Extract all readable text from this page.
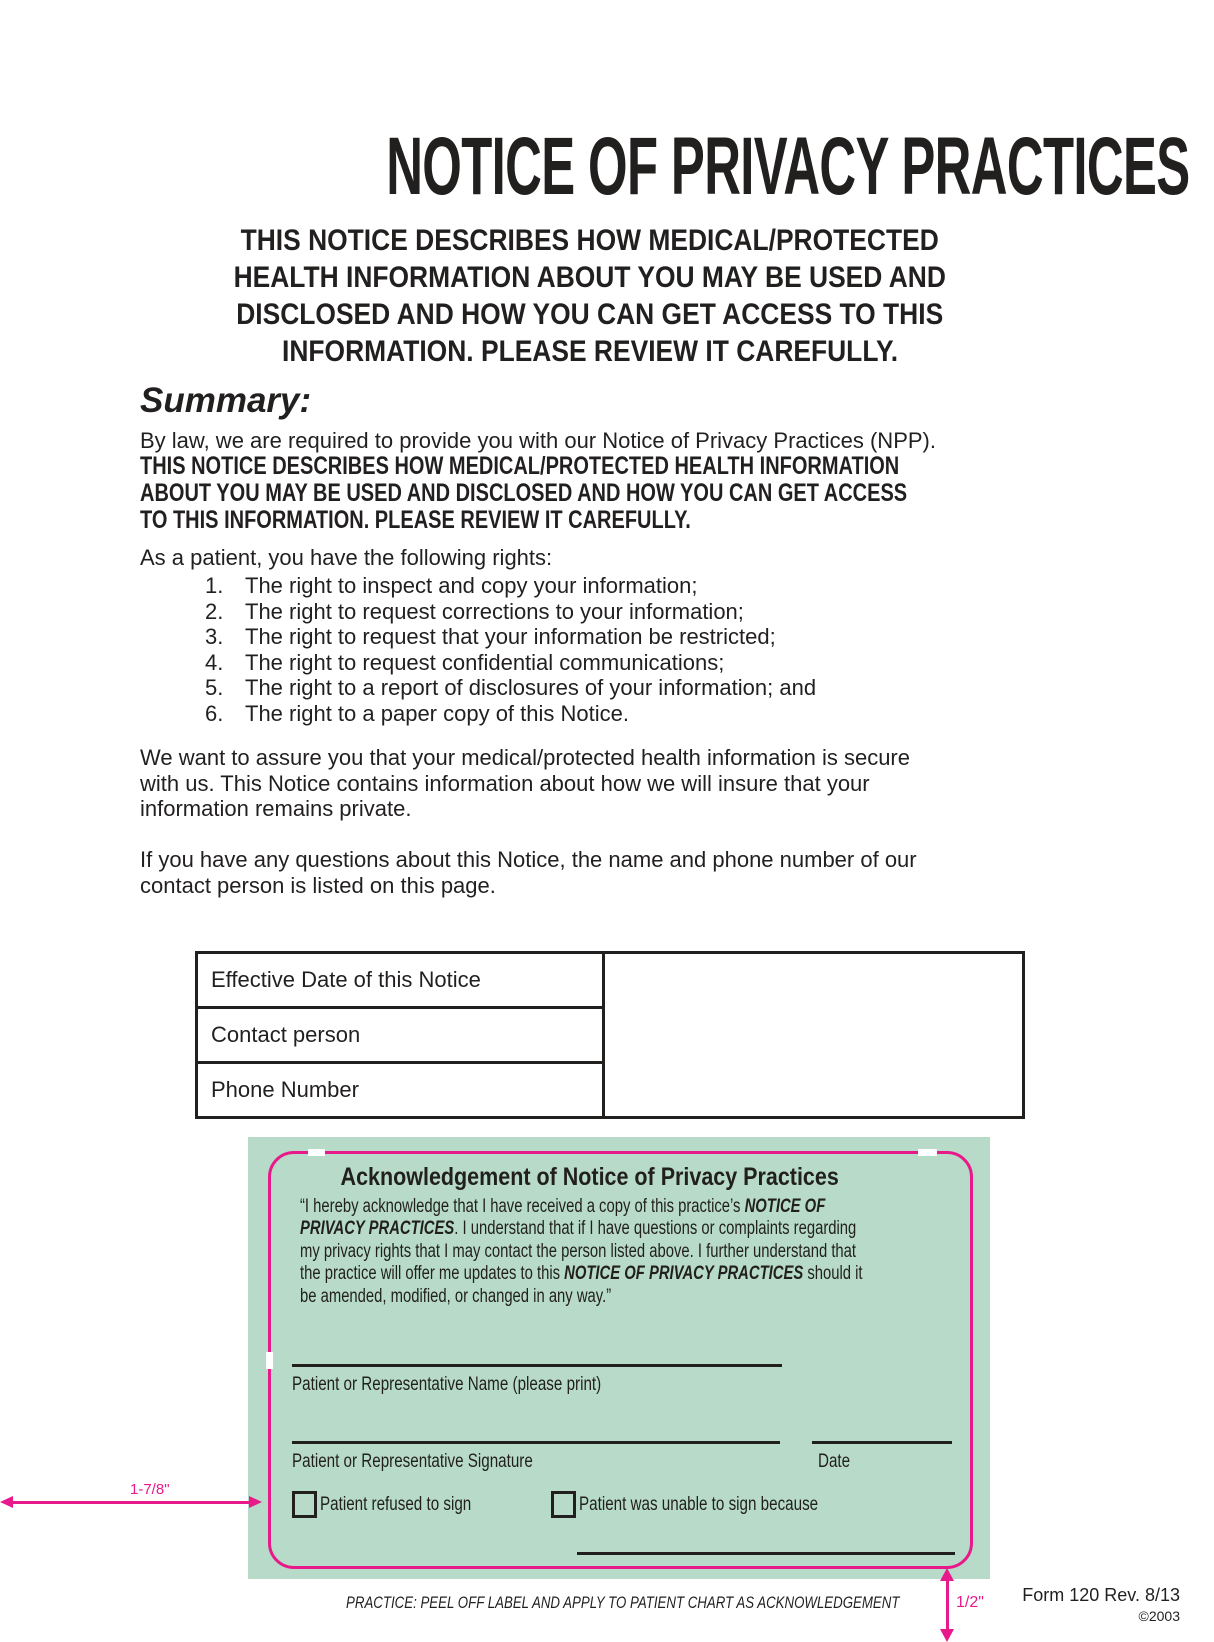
NOTICE OF PRIVACY PRACTICES
THIS NOTICE DESCRIBES HOW MEDICAL/PROTECTED
HEALTH INFORMATION ABOUT YOU MAY BE USED AND
DISCLOSED AND HOW YOU CAN GET ACCESS TO THIS
INFORMATION. PLEASE REVIEW IT CAREFULLY.
Summary:
By law, we are required to provide you with our Notice of Privacy Practices (NPP).
THIS NOTICE DESCRIBES HOW MEDICAL/PROTECTED HEALTH INFORMATION
ABOUT YOU MAY BE USED AND DISCLOSED AND HOW YOU CAN GET ACCESS
TO THIS INFORMATION. PLEASE REVIEW IT CAREFULLY.
As a patient, you have the following rights:
1. The right to inspect and copy your information;
2. The right to request corrections to your information;
3. The right to request that your information be restricted;
4. The right to request confidential communications;
5. The right to a report of disclosures of your information; and
6. The right to a paper copy of this Notice.
We want to assure you that your medical/protected health information is secure
with us. This Notice contains information about how we will insure that your
information remains private.
If you have any questions about this Notice, the name and phone number of our
contact person is listed on this page.
Effective Date of this Notice	
Contact person
Phone Number
Acknowledgement of Notice of Privacy Practices
“I hereby acknowledge that I have received a copy of this practice’s NOTICE OF PRIVACY PRACTICES. I understand that if I have questions or complaints regarding my privacy rights that I may contact the person listed above. I further understand that the practice will offer me updates to this NOTICE OF PRIVACY PRACTICES should it be amended, modified, or changed in any way.”
Patient or Representative Name (please print)
Patient or Representative Signature	Date
Patient refused to sign	Patient was unable to sign because
PRACTICE: PEEL OFF LABEL AND APPLY TO PATIENT CHART AS ACKNOWLEDGEMENT	Form 120 Rev. 8/13
©2003
1/2"
1-7/8"
